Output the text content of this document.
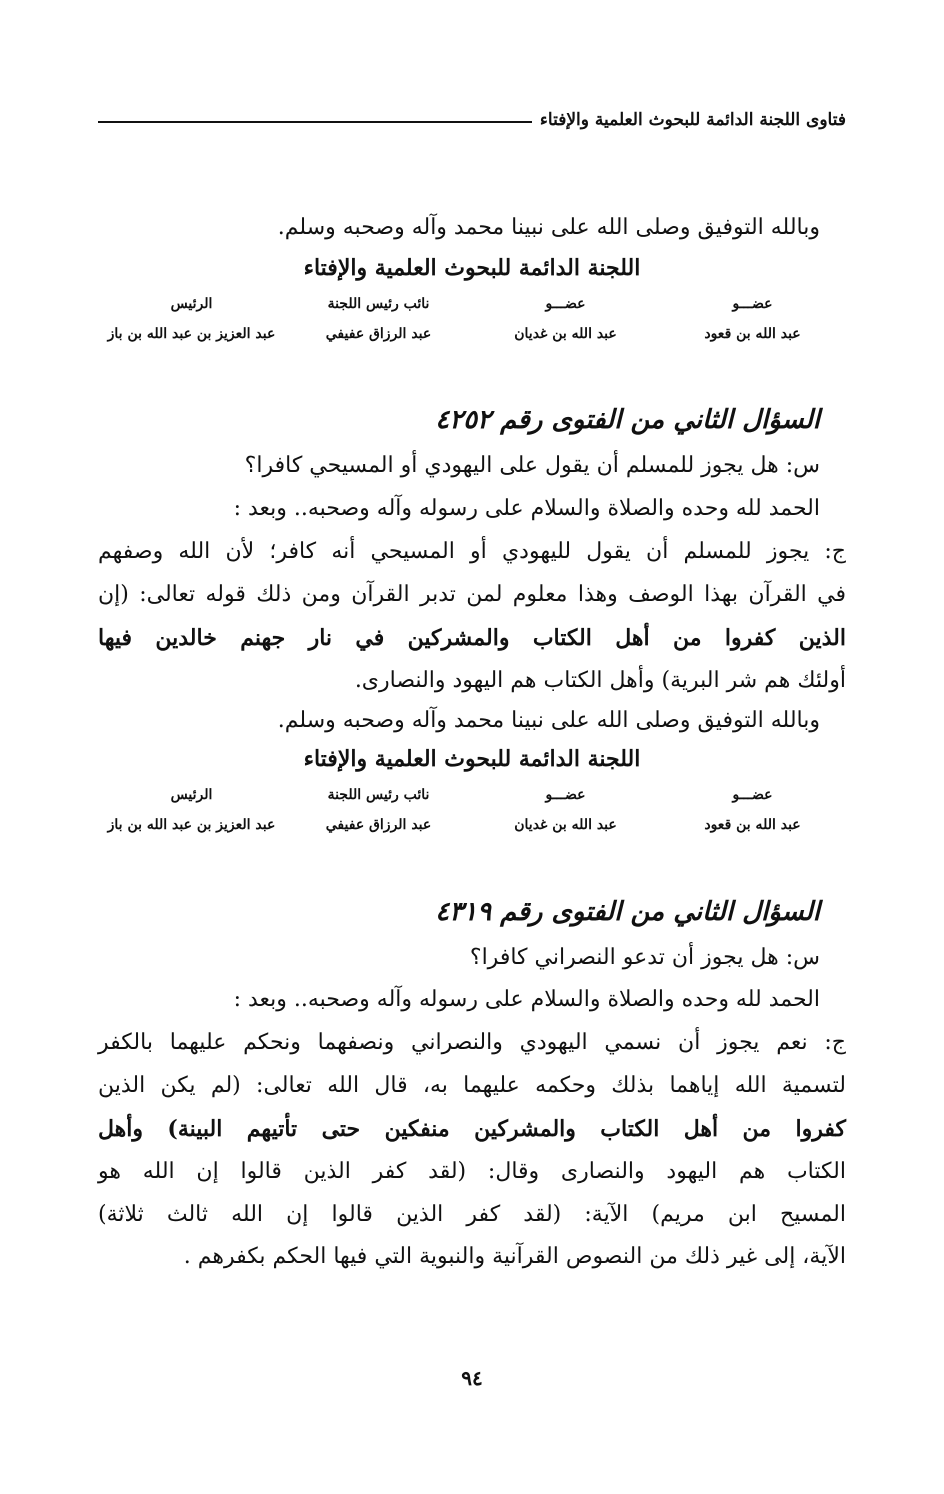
فتاوى اللجنة الدائمة للبحوث العلمية والإفتاء
وبالله التوفيق وصلى الله على نبينا محمد وآله وصحبه وسلم.
اللجنة الدائمة للبحوث العلمية والإفتاء
عضـــو
عبد الله بن قعود
عضـــو
عبد الله بن غديان
نائب رئيس اللجنة
عبد الرزاق عفيفي
الرئيس
عبد العزيز بن عبد الله بن باز
السؤال الثاني من الفتوى رقم ٤٢٥٢
س: هل يجوز للمسلم أن يقول على اليهودي أو المسيحي كافرا؟
الحمد لله وحده والصلاة والسلام على رسوله وآله وصحبه.. وبعد :
ج: يجوز للمسلم أن يقول لليهودي أو المسيحي أنه كافر؛ لأن الله وصفهم
في القرآن بهذا الوصف وهذا معلوم لمن تدبر القرآن ومن ذلك قوله تعالى: (إن
الذين كفروا من أهل الكتاب والمشركين في نار جهنم خالدين فيها
أولئك هم شر البرية) وأهل الكتاب هم اليهود والنصارى.
وبالله التوفيق وصلى الله على نبينا محمد وآله وصحبه وسلم.
اللجنة الدائمة للبحوث العلمية والإفتاء
عضـــو
عبد الله بن قعود
عضـــو
عبد الله بن غديان
نائب رئيس اللجنة
عبد الرزاق عفيفي
الرئيس
عبد العزيز بن عبد الله بن باز
السؤال الثاني من الفتوى رقم ٤٣١٩
س: هل يجوز أن تدعو النصراني كافرا؟
الحمد لله وحده والصلاة والسلام على رسوله وآله وصحبه.. وبعد :
ج: نعم يجوز أن نسمي اليهودي والنصراني ونصفهما ونحكم عليهما بالكفر
لتسمية الله إياهما بذلك وحكمه عليهما به، قال الله تعالى: (لم يكن الذين
كفروا من أهل الكتاب والمشركين منفكين حتى تأتيهم البينة) وأهل
الكتاب هم اليهود والنصارى وقال: (لقد كفر الذين قالوا إن الله هو
المسيح ابن مريم) الآية: (لقد كفر الذين قالوا إن الله ثالث ثلاثة)
الآية، إلى غير ذلك من النصوص القرآنية والنبوية التي فيها الحكم بكفرهم .
٩٤
